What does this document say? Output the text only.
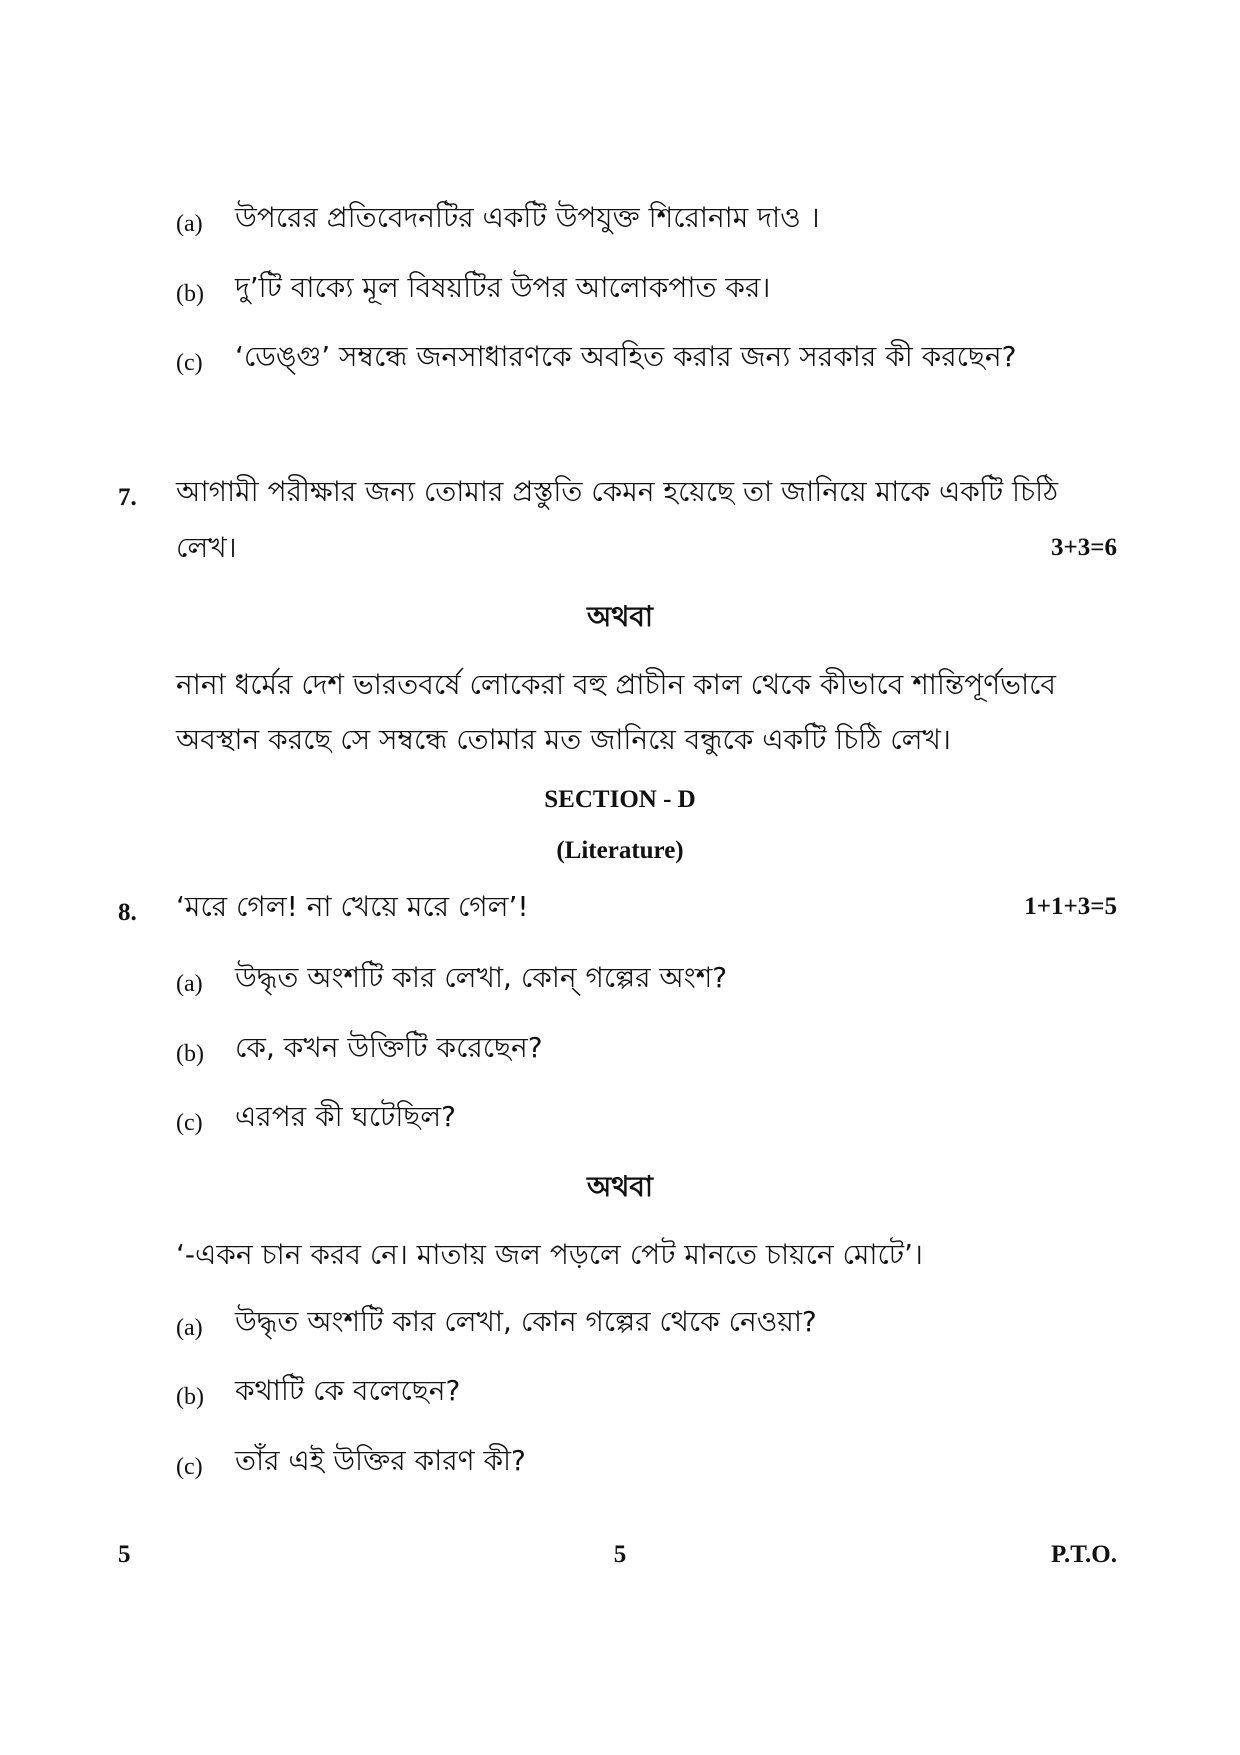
(a) উপরের প্রতিবেদনটির একটি উপযুক্ত শিরোনাম দাও ।
(b) দু’টি বাক্যে মূল বিষয়টির উপর আলোকপাত কর।
(c) ‘ডেঙ্গু’ সম্বন্ধে জনসাধারণকে অবহিত করার জন্য সরকার কী করছেন?
7. আগামী পরীক্ষার জন্য তোমার প্রস্তুতি কেমন হয়েছে তা জানিয়ে মাকে একটি চিঠি
লেখ।	3+3=6
অথবা
নানা ধর্মের দেশ ভারতবর্ষে লোকেরা বহু প্রাচীন কাল থেকে কীভাবে শান্তিপূর্ণভাবে
অবস্থান করছে সে সম্বন্ধে তোমার মত জানিয়ে বন্ধুকে একটি চিঠি লেখ।
SECTION - D
(Literature)
8. ‘মরে গেল! না খেয়ে মরে গেল’!	1+1+3=5
(a) উদ্ধৃত অংশটি কার লেখা, কোন্ গল্পের অংশ?
(b) কে, কখন উক্তিটি করেছেন?
(c) এরপর কী ঘটেছিল?
অথবা
‘-একন চান করব নে। মাতায় জল পড়লে পেট মানতে চায়নে মোটে’।
(a) উদ্ধৃত অংশটি কার লেখা, কোন গল্পের থেকে নেওয়া?
(b) কথাটি কে বলেছেন?
(c) তাঁর এই উক্তির কারণ কী?
5	5	P.T.O.
